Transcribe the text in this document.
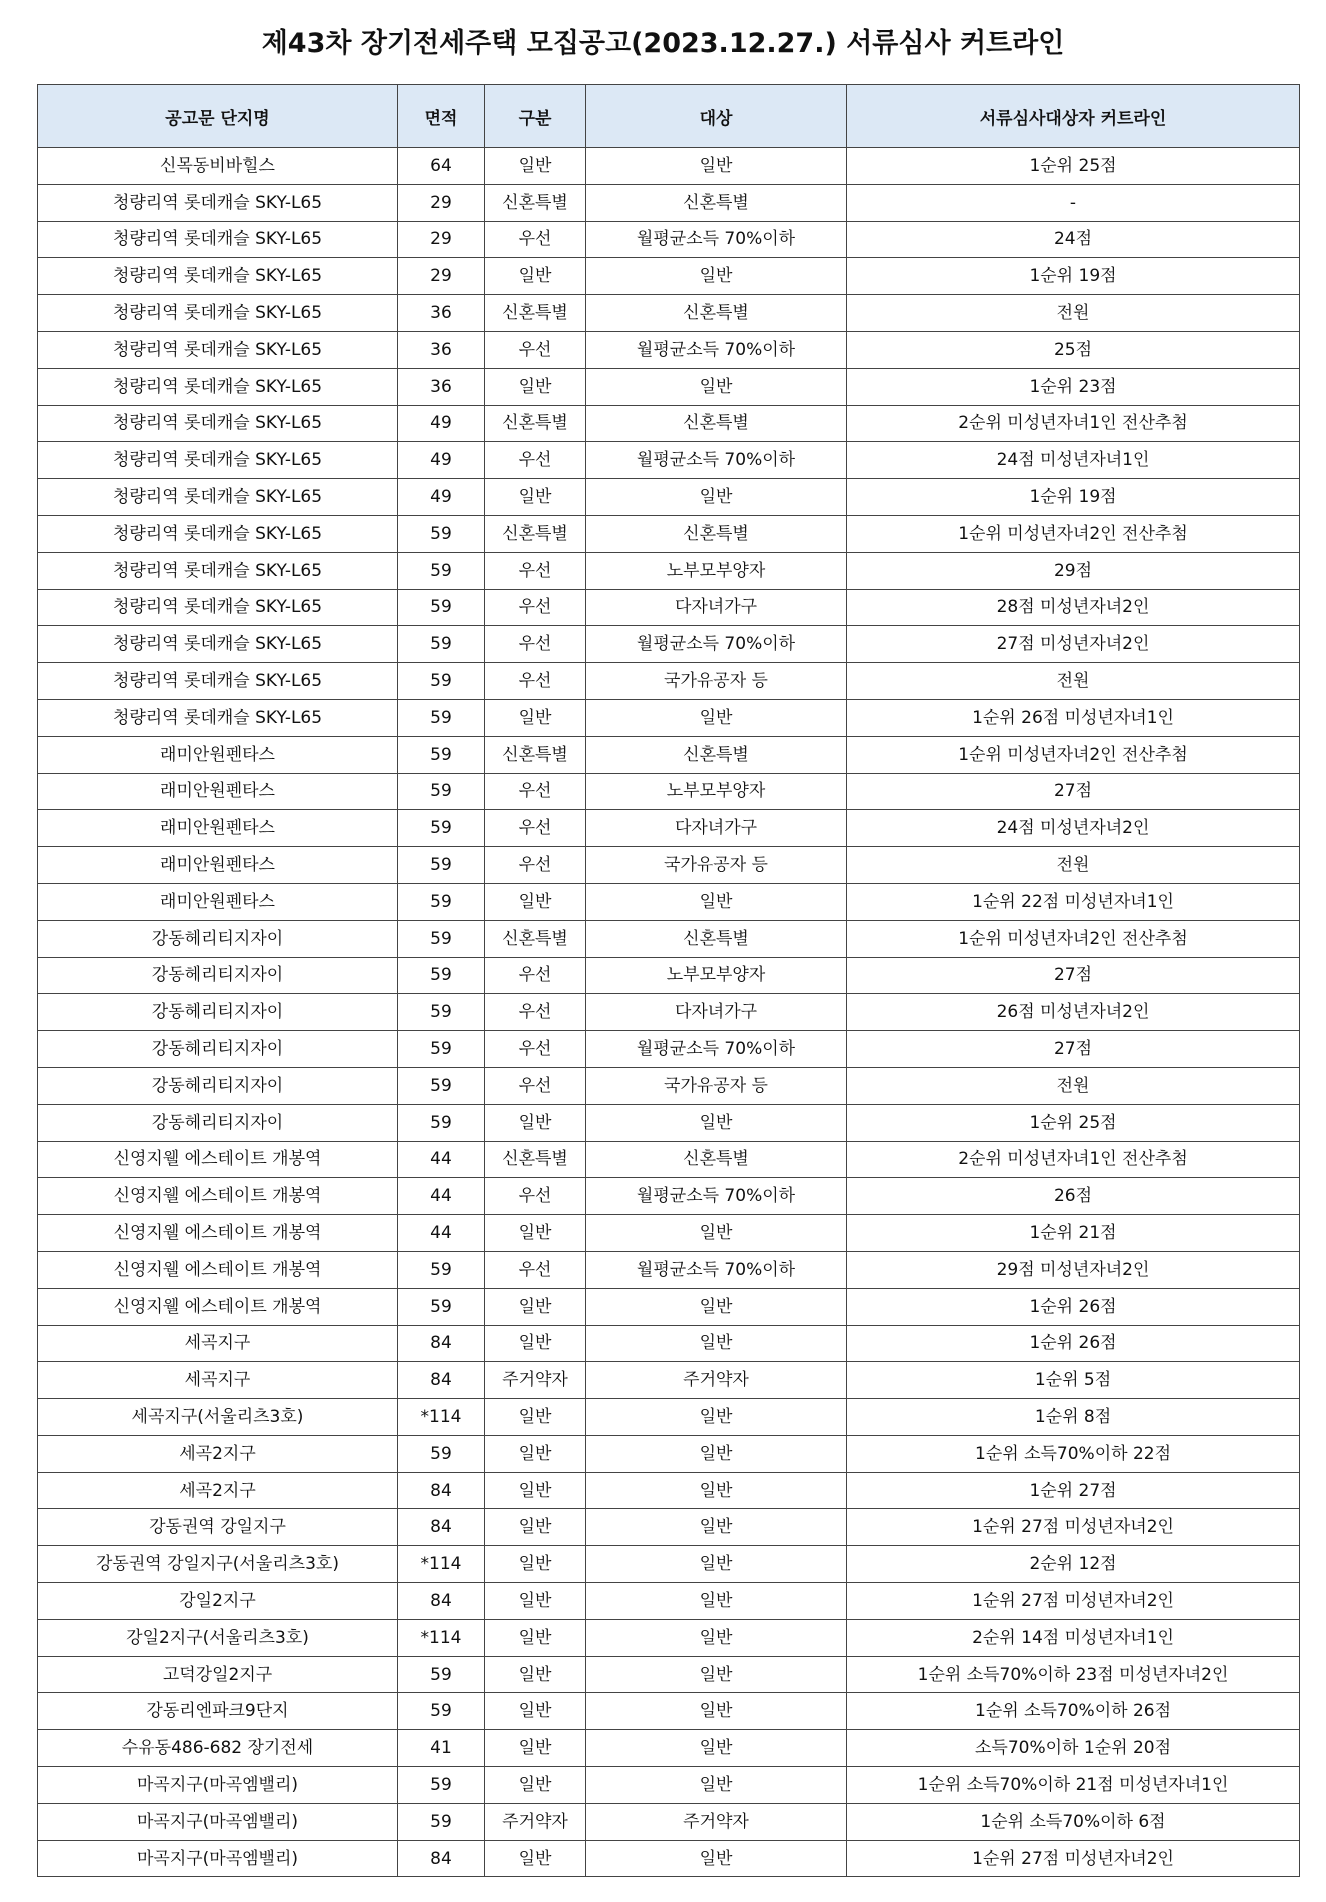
제43차 장기전세주택 모집공고(2023.12.27.) 서류심사 커트라인
공고문 단지명	면적	구분	대상	서류심사대상자 커트라인
신목동비바힐스	64	일반	일반	1순위 25점
청량리역 롯데캐슬 SKY-L65	29	신혼특별	신혼특별	-
청량리역 롯데캐슬 SKY-L65	29	우선	월평균소득 70%이하	24점
청량리역 롯데캐슬 SKY-L65	29	일반	일반	1순위 19점
청량리역 롯데캐슬 SKY-L65	36	신혼특별	신혼특별	전원
청량리역 롯데캐슬 SKY-L65	36	우선	월평균소득 70%이하	25점
청량리역 롯데캐슬 SKY-L65	36	일반	일반	1순위 23점
청량리역 롯데캐슬 SKY-L65	49	신혼특별	신혼특별	2순위 미성년자녀1인 전산추첨
청량리역 롯데캐슬 SKY-L65	49	우선	월평균소득 70%이하	24점 미성년자녀1인
청량리역 롯데캐슬 SKY-L65	49	일반	일반	1순위 19점
청량리역 롯데캐슬 SKY-L65	59	신혼특별	신혼특별	1순위 미성년자녀2인 전산추첨
청량리역 롯데캐슬 SKY-L65	59	우선	노부모부양자	29점
청량리역 롯데캐슬 SKY-L65	59	우선	다자녀가구	28점 미성년자녀2인
청량리역 롯데캐슬 SKY-L65	59	우선	월평균소득 70%이하	27점 미성년자녀2인
청량리역 롯데캐슬 SKY-L65	59	우선	국가유공자 등	전원
청량리역 롯데캐슬 SKY-L65	59	일반	일반	1순위 26점 미성년자녀1인
래미안원펜타스	59	신혼특별	신혼특별	1순위 미성년자녀2인 전산추첨
래미안원펜타스	59	우선	노부모부양자	27점
래미안원펜타스	59	우선	다자녀가구	24점 미성년자녀2인
래미안원펜타스	59	우선	국가유공자 등	전원
래미안원펜타스	59	일반	일반	1순위 22점 미성년자녀1인
강동헤리티지자이	59	신혼특별	신혼특별	1순위 미성년자녀2인 전산추첨
강동헤리티지자이	59	우선	노부모부양자	27점
강동헤리티지자이	59	우선	다자녀가구	26점 미성년자녀2인
강동헤리티지자이	59	우선	월평균소득 70%이하	27점
강동헤리티지자이	59	우선	국가유공자 등	전원
강동헤리티지자이	59	일반	일반	1순위 25점
신영지웰 에스테이트 개봉역	44	신혼특별	신혼특별	2순위 미성년자녀1인 전산추첨
신영지웰 에스테이트 개봉역	44	우선	월평균소득 70%이하	26점
신영지웰 에스테이트 개봉역	44	일반	일반	1순위 21점
신영지웰 에스테이트 개봉역	59	우선	월평균소득 70%이하	29점 미성년자녀2인
신영지웰 에스테이트 개봉역	59	일반	일반	1순위 26점
세곡지구	84	일반	일반	1순위 26점
세곡지구	84	주거약자	주거약자	1순위 5점
세곡지구(서울리츠3호)	*114	일반	일반	1순위 8점
세곡2지구	59	일반	일반	1순위 소득70%이하 22점
세곡2지구	84	일반	일반	1순위 27점
강동권역 강일지구	84	일반	일반	1순위 27점 미성년자녀2인
강동권역 강일지구(서울리츠3호)	*114	일반	일반	2순위 12점
강일2지구	84	일반	일반	1순위 27점 미성년자녀2인
강일2지구(서울리츠3호)	*114	일반	일반	2순위 14점 미성년자녀1인
고덕강일2지구	59	일반	일반	1순위 소득70%이하 23점 미성년자녀2인
강동리엔파크9단지	59	일반	일반	1순위 소득70%이하 26점
수유동486-682 장기전세	41	일반	일반	소득70%이하 1순위 20점
마곡지구(마곡엠밸리)	59	일반	일반	1순위 소득70%이하 21점 미성년자녀1인
마곡지구(마곡엠밸리)	59	주거약자	주거약자	1순위 소득70%이하 6점
마곡지구(마곡엠밸리)	84	일반	일반	1순위 27점 미성년자녀2인
